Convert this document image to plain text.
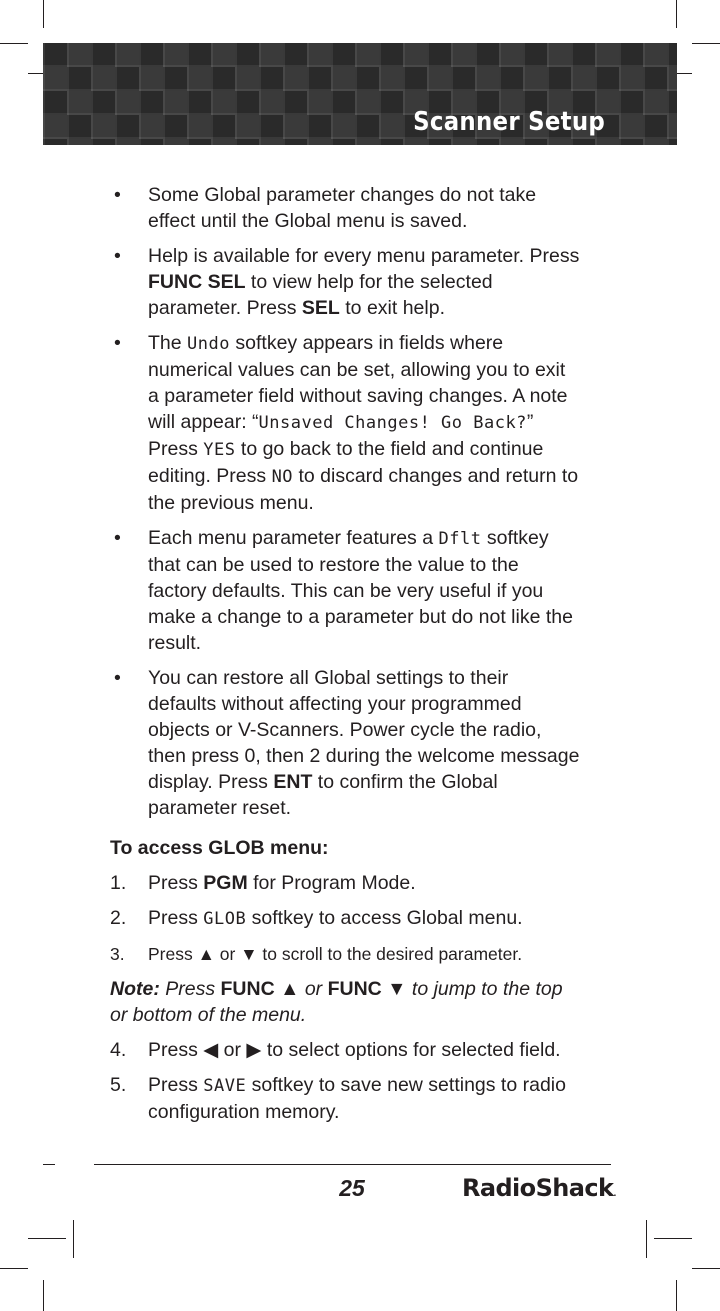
Scanner Setup
• Some Global parameter changes do not take effect until the Global menu is saved.
• Help is available for every menu parameter. Press FUNC SEL to view help for the selected parameter. Press SEL to exit help.
• The Undo softkey appears in fields where numerical values can be set, allowing you to exit a parameter field without saving changes. A note will appear: “Unsaved Changes! Go Back?” Press YES to go back to the field and continue editing. Press NO to discard changes and return to the previous menu.
• Each menu parameter features a Dflt softkey that can be used to restore the value to the factory defaults. This can be very useful if you make a change to a parameter but do not like the result.
• You can restore all Global settings to their defaults without affecting your programmed objects or V-Scanners. Power cycle the radio, then press 0, then 2 during the welcome message display. Press ENT to confirm the Global parameter reset.
To access GLOB menu:
1. Press PGM for Program Mode.
2. Press GLOB softkey to access Global menu.
3. Press ▲ or ▼ to scroll to the desired parameter.
Note: Press FUNC ▲ or FUNC ▼ to jump to the top or bottom of the menu.
4. Press ◀ or ▶ to select options for selected field.
5. Press SAVE softkey to save new settings to radio configuration memory.
25	RadioShack.
